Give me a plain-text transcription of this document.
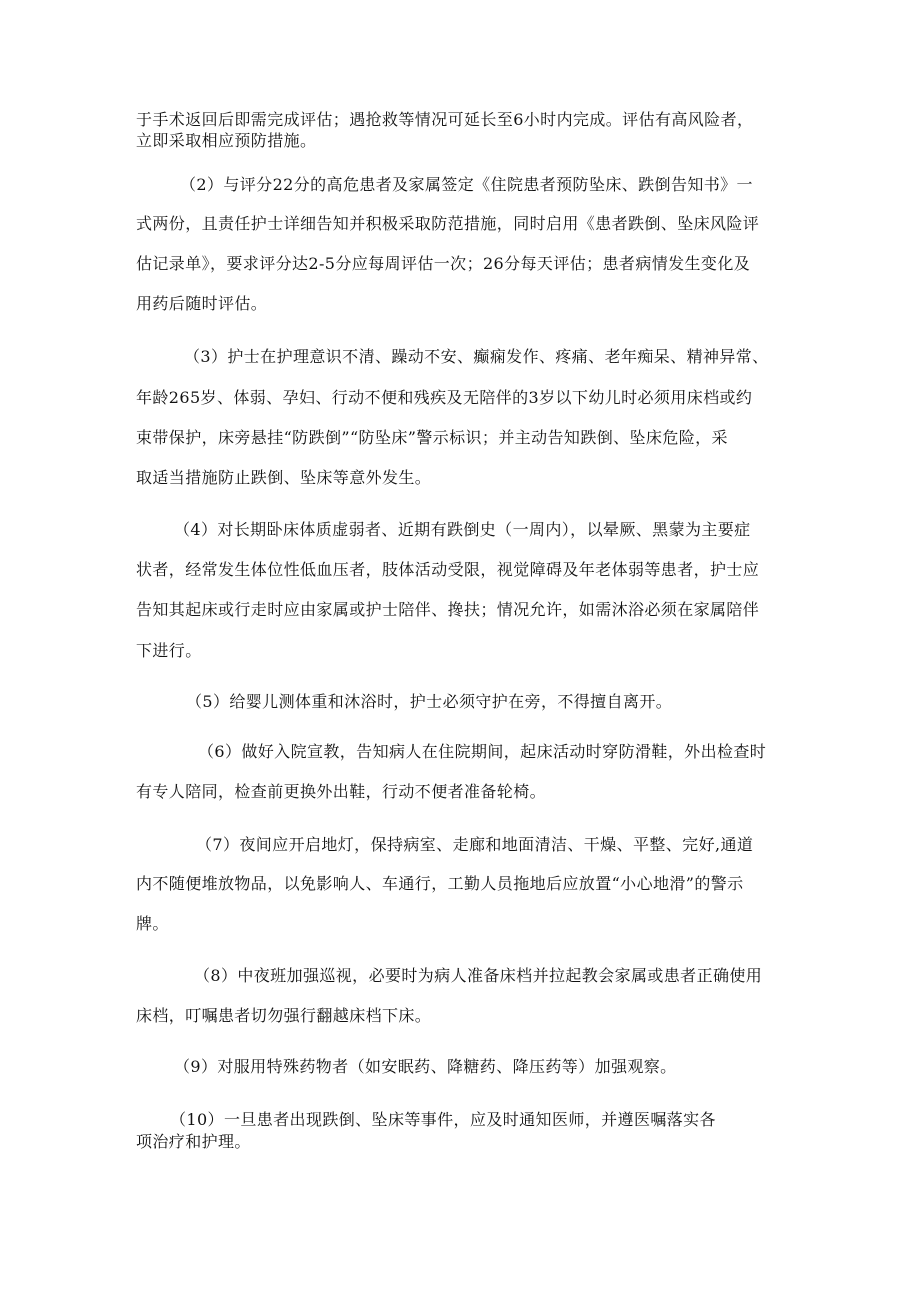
于手术返回后即需完成评估；遇抢救等情况可延长至6小时内完成。评估有高风险者，

立即采取相应预防措施。

（2）与评分22分的高危患者及家属签定《住院患者预防坠床、跌倒告知书》一

式两份，且责任护士详细告知并积极采取防范措施，同时启用《患者跌倒、坠床风险评

估记录单》，要求评分达2-5分应每周评估一次；26分每天评估；患者病情发生变化及

用药后随时评估。

（3）护士在护理意识不清、躁动不安、癫痫发作、疼痛、老年痴呆、精神异常、

年龄265岁、体弱、孕妇、行动不便和残疾及无陪伴的3岁以下幼儿时必须用床档或约

束带保护，床旁悬挂“防跌倒”“防坠床”警示标识；并主动告知跌倒、坠床危险，采

取适当措施防止跌倒、坠床等意外发生。

（4）对长期卧床体质虚弱者、近期有跌倒史（一周内），以晕厥、黑蒙为主要症

状者，经常发生体位性低血压者，肢体活动受限，视觉障碍及年老体弱等患者，护士应

告知其起床或行走时应由家属或护士陪伴、搀扶；情况允许，如需沐浴必须在家属陪伴

下进行。

（5）给婴儿测体重和沐浴时，护士必须守护在旁，不得擅自离开。

（6）做好入院宣教，告知病人在住院期间，起床活动时穿防滑鞋，外出检查时

有专人陪同，检查前更换外出鞋，行动不便者准备轮椅。

（7）夜间应开启地灯，保持病室、走廊和地面清洁、干燥、平整、完好,通道

内不随便堆放物品，以免影响人、车通行，工勤人员拖地后应放置“小心地滑”的警示

牌。

（8）中夜班加强巡视，必要时为病人准备床档并拉起教会家属或患者正确使用

床档，叮嘱患者切勿强行翻越床档下床。

（9）对服用特殊药物者（如安眠药、降糖药、降压药等）加强观察。

（10）一旦患者出现跌倒、坠床等事件，应及时通知医师，并遵医嘱落实各

项治疗和护理。
